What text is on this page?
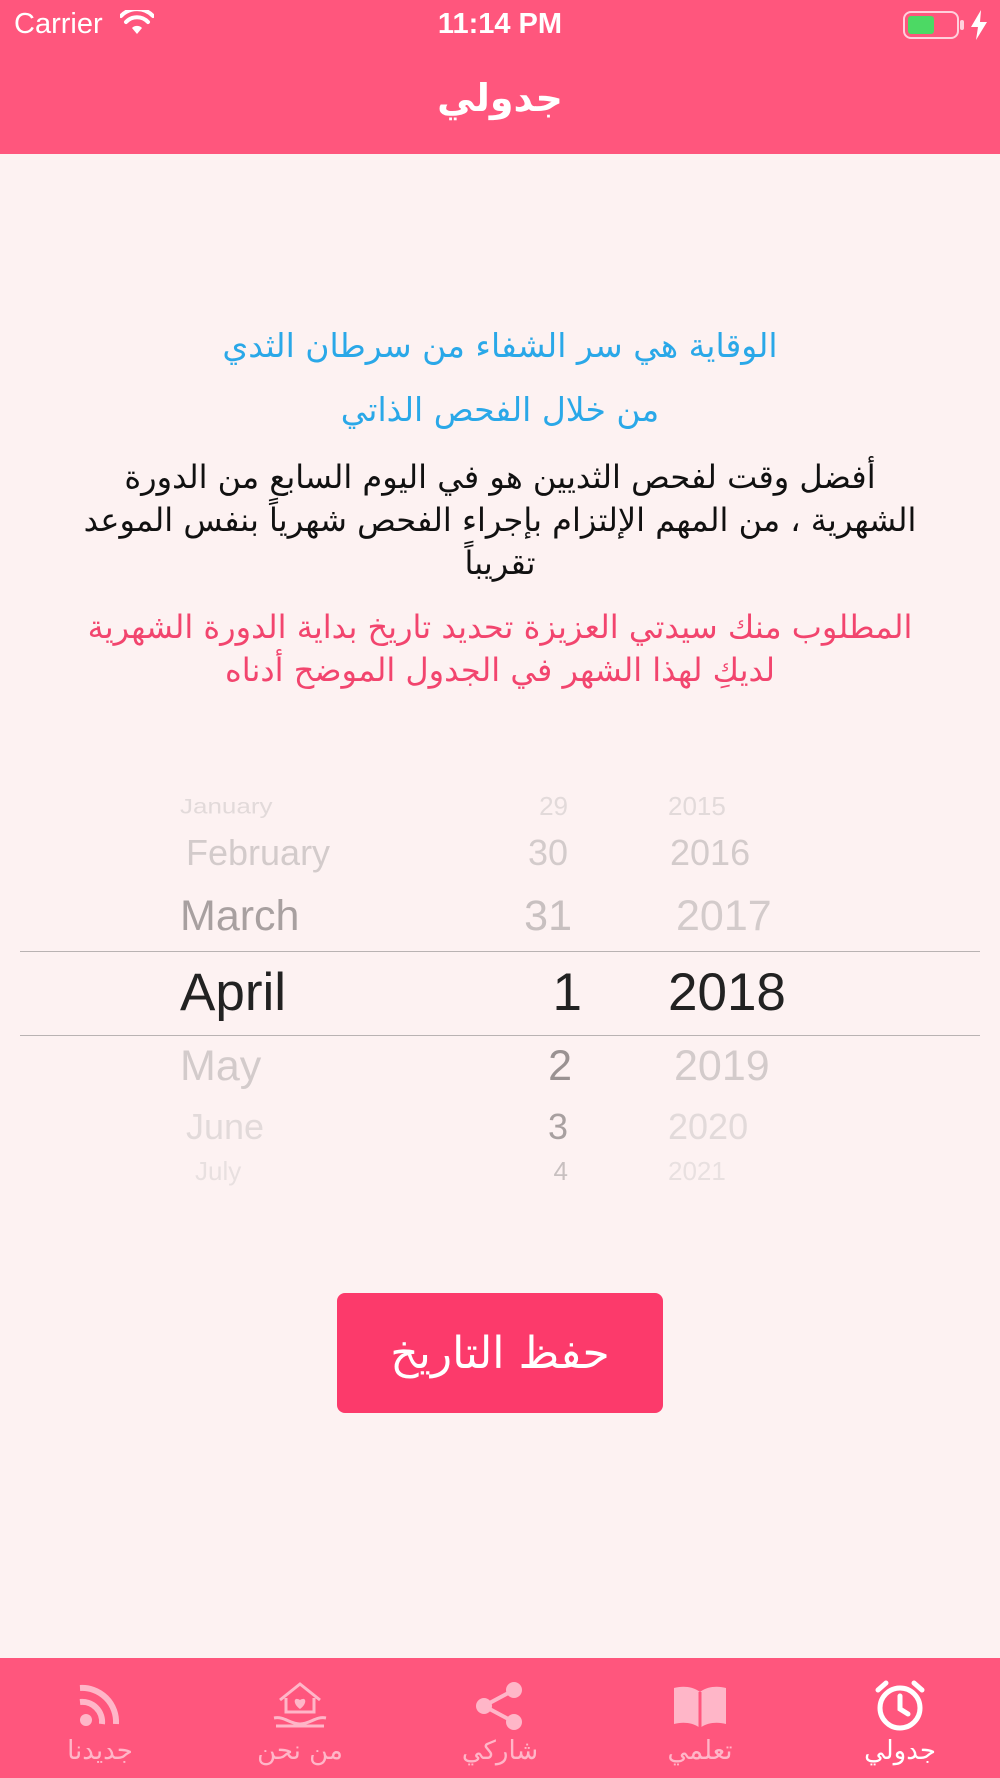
Carrier	11:14 PM
جدولي

الوقاية هي سر الشفاء من سرطان الثدي

من خلال الفحص الذاتي

أفضل وقت لفحص الثديين هو في اليوم السابع من الدورة

الشهرية ، من المهم الإلتزام بإجراء الفحص شهرياً بنفس الموعد

تقريباً

المطلوب منك سيدتي العزيزة تحديد تاريخ بداية الدورة الشهرية

لديكِ لهذا الشهر في الجدول الموضح أدناه

January
February
March
April
May
June
July
29
30
31
1
2
3
4
2015
2016
2017
2018
2019
2020
2021
حفظ التاريخ
جدولي
تعلمي
شاركي
من نحن
جديدنا
